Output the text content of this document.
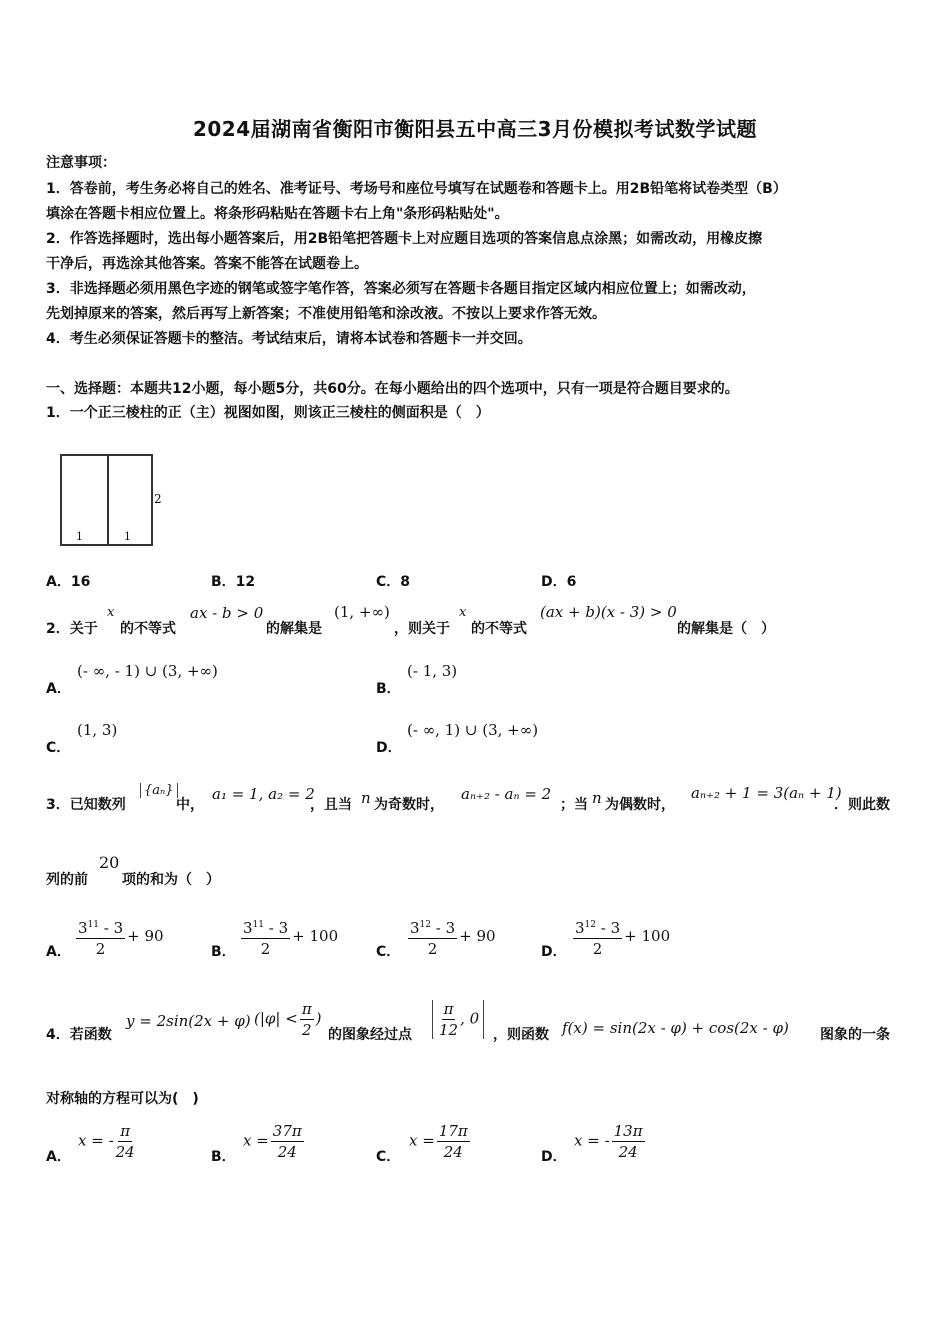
2024届湖南省衡阳市衡阳县五中高三3月份模拟考试数学试题
注意事项：
1．答卷前，考生务必将自己的姓名、准考证号、考场号和座位号填写在试题卷和答题卡上。用2B铅笔将试卷类型（B）
填涂在答题卡相应位置上。将条形码粘贴在答题卡右上角"条形码粘贴处"。
2．作答选择题时，选出每小题答案后，用2B铅笔把答题卡上对应题目选项的答案信息点涂黑；如需改动，用橡皮擦
干净后，再选涂其他答案。答案不能答在试题卷上。
3．非选择题必须用黑色字迹的钢笔或签字笔作答，答案必须写在答题卡各题目指定区域内相应位置上；如需改动，
先划掉原来的答案，然后再写上新答案；不准使用铅笔和涂改液。不按以上要求作答无效。
4．考生必须保证答题卡的整洁。考试结束后，请将本试卷和答题卡一并交回。
一、选择题：本题共12小题，每小题5分，共60分。在每小题给出的四个选项中，只有一项是符合题目要求的。
1．一个正三棱柱的正（主）视图如图，则该正三棱柱的侧面积是（　）
1	1
2
A．16	B．12	C．8	D．6
2．关于
x
的不等式
ax - b > 0
的解集是
(1, +∞)
，则关于
x
的不等式
(ax + b)(x - 3) > 0
的解集是（　）
A．
(- ∞, - 1) ∪ (3, +∞)
B．
(- 1, 3)
C．
(1, 3)
D．
(- ∞, 1) ∪ (3, +∞)
3．已知数列
{aₙ}
中，
a₁ = 1, a₂ = 2
，且当 n 为奇数时，
aₙ₊₂ - aₙ = 2
；当 n 为偶数时，
aₙ₊₂ + 1 = 3(aₙ + 1)
．则此数
列的前
20
项的和为（　）
A． $\frac{3^{11} - 3}{2} + 90$
B． $\frac{3^{11} - 3}{2} + 100$
C． $\frac{3^{12} - 3}{2} + 90$
D． $\frac{3^{12} - 3}{2} + 100$
4．若函数
y = 2sin(2x + φ) ($|\varphi| < \frac{\pi}{2}$ )
的图象经过点 $\frac{\pi}{12}$ , 0
，则函数 f(x) = sin(2x - φ) + cos(2x - φ) 图象的一条
对称轴的方程可以为(　)
A．
x = - $\frac{\pi}{24}$	B．
$x = \frac{37\pi}{24}$	C．
$x = \frac{17\pi}{24}$	D．
x = - $\frac{13\pi}{24}$
